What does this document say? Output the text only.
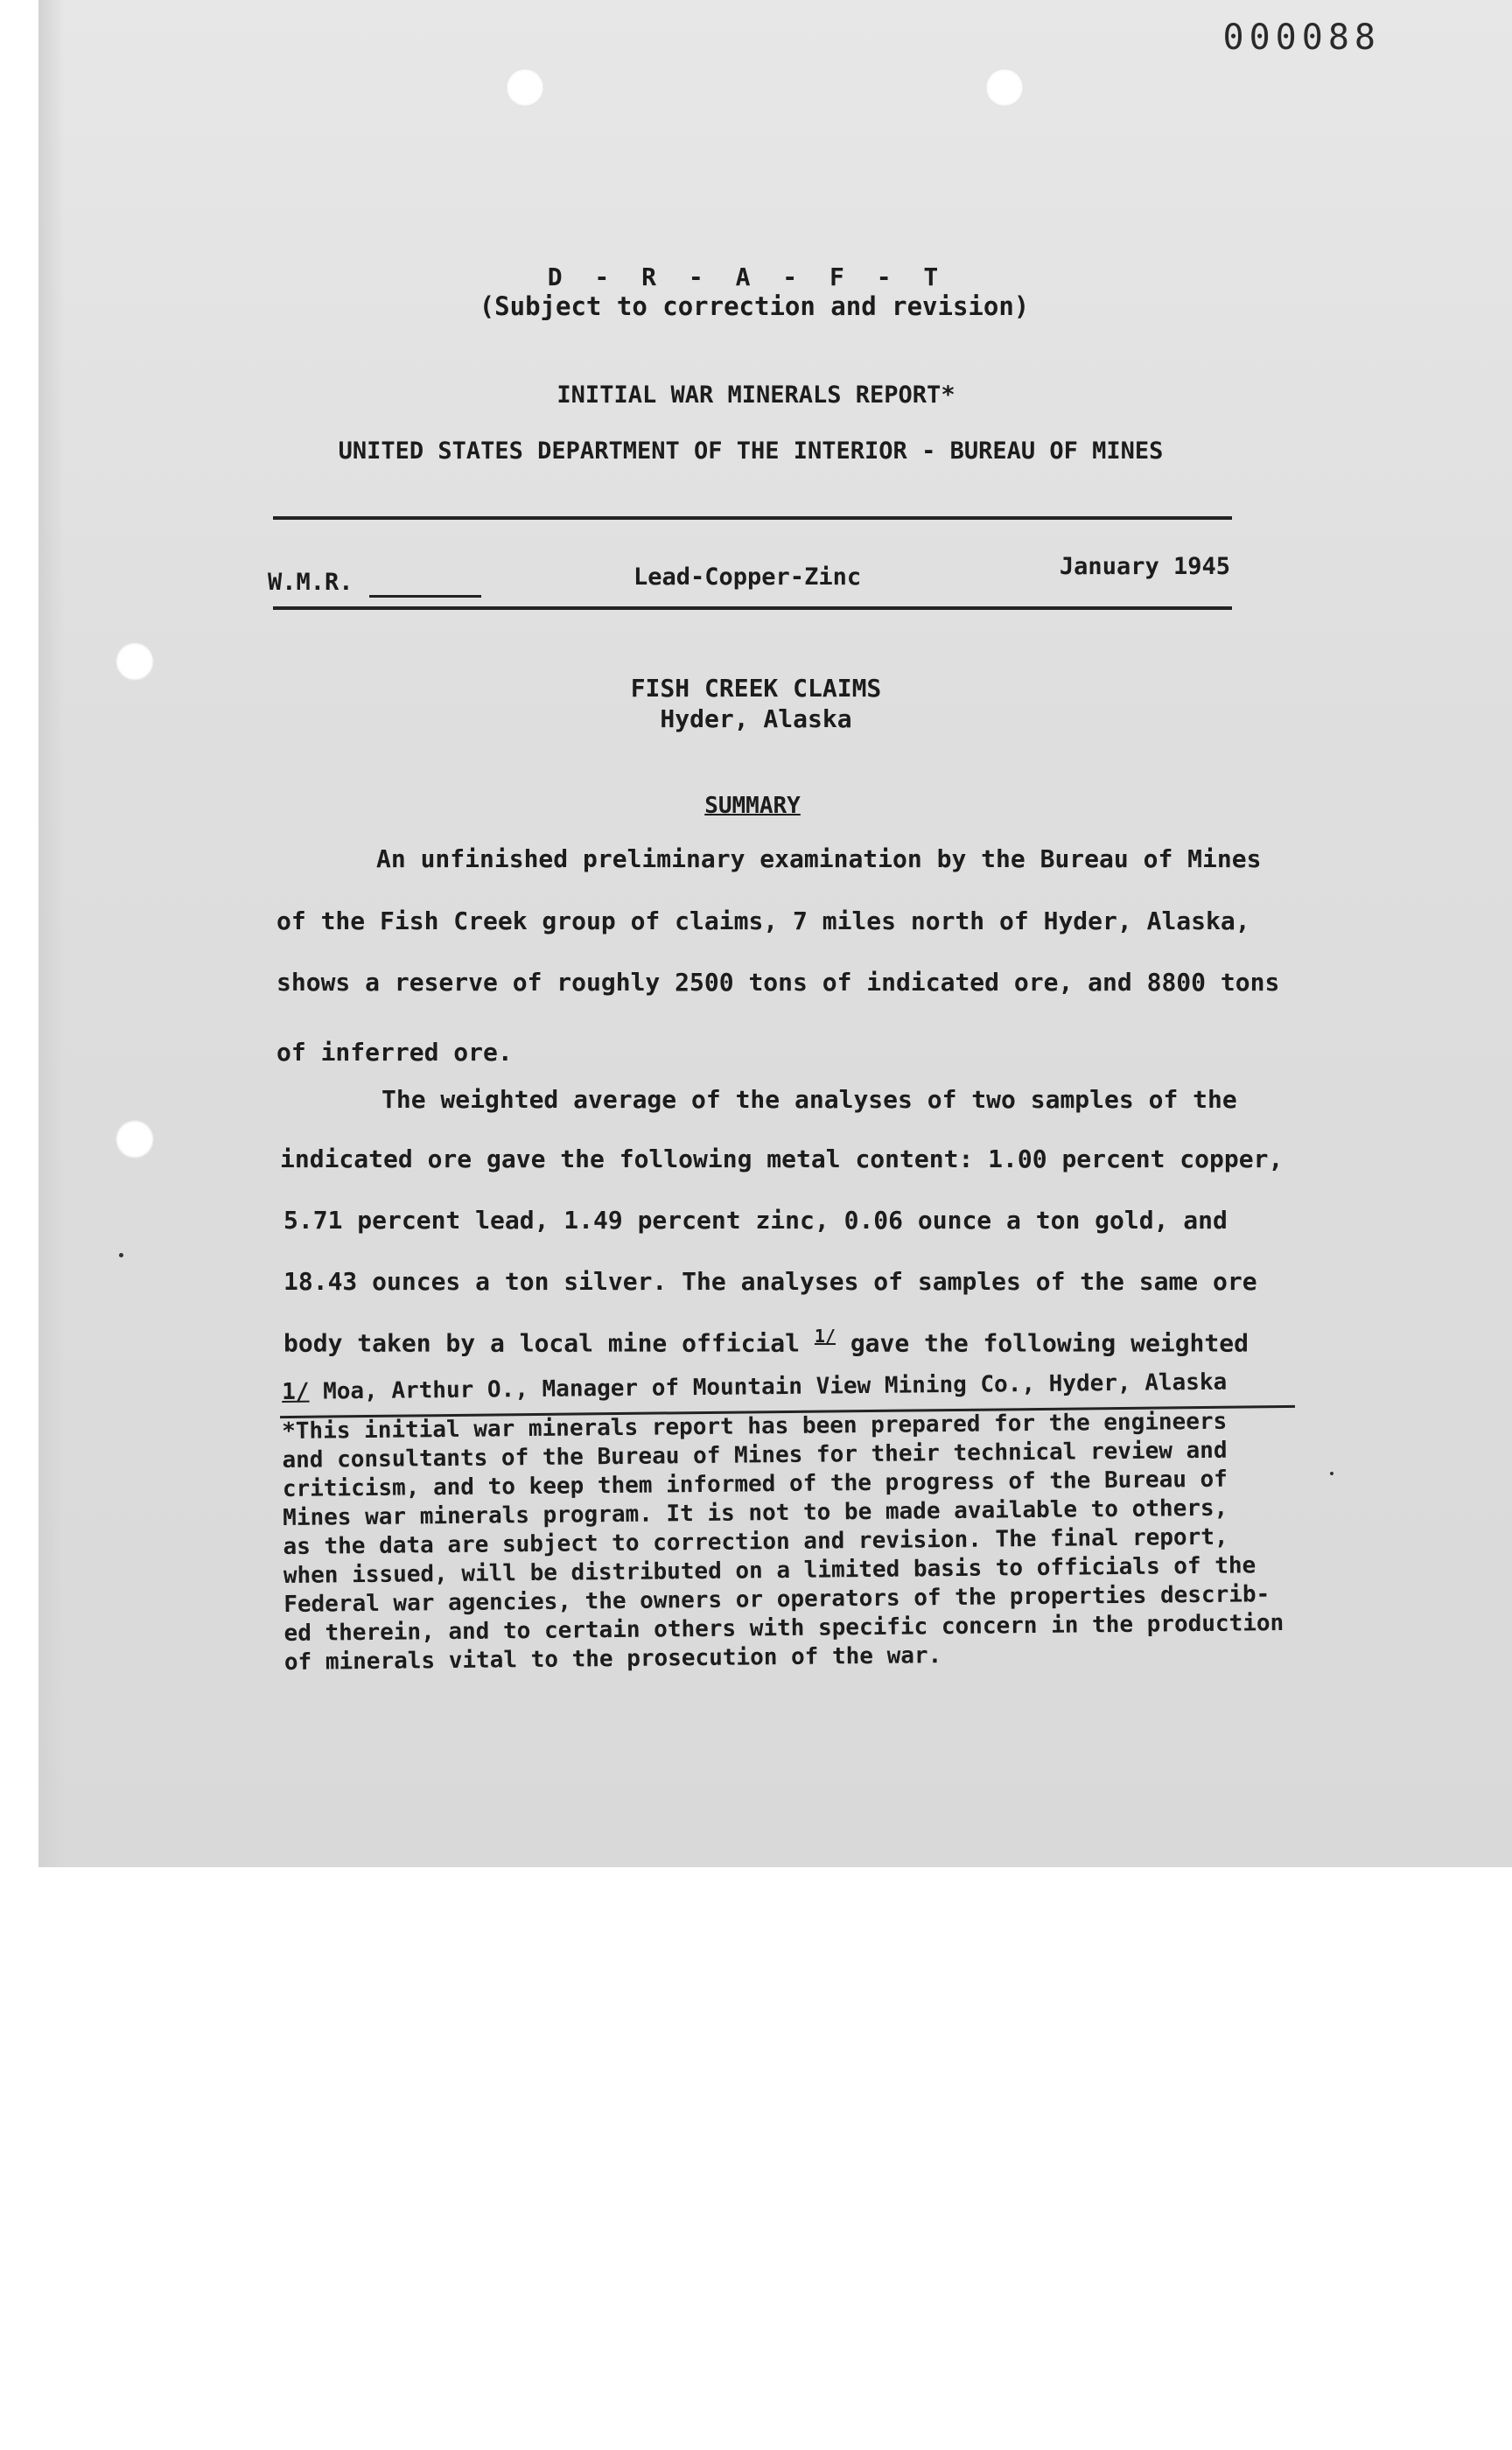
000088
D - R - A - F - T
(Subject to correction and revision)
INITIAL WAR MINERALS REPORT*
UNITED STATES DEPARTMENT OF THE INTERIOR - BUREAU OF MINES
W.M.R.	Lead-Copper-Zinc	January 1945
FISH CREEK CLAIMS
Hyder, Alaska
SUMMARY
An unfinished preliminary examination by the Bureau of Mines
of the Fish Creek group of claims, 7 miles north of Hyder, Alaska,
shows a reserve of roughly 2500 tons of indicated ore, and 8800 tons
of inferred ore.
The weighted average of the analyses of two samples of the
indicated ore gave the following metal content: 1.00 percent copper,
5.71 percent lead, 1.49 percent zinc, 0.06 ounce a ton gold, and
18.43 ounces a ton silver. The analyses of samples of the same ore
body taken by a local mine official $^{1/}$ gave the following weighted
1/ Moa, Arthur O., Manager of Mountain View Mining Co., Hyder, Alaska
*This initial war minerals report has been prepared for the engineers
and consultants of the Bureau of Mines for their technical review and
criticism, and to keep them informed of the progress of the Bureau of
Mines war minerals program. It is not to be made available to others,
as the data are subject to correction and revision. The final report,
when issued, will be distributed on a limited basis to officials of the
Federal war agencies, the owners or operators of the properties describ-
ed therein, and to certain others with specific concern in the production
of minerals vital to the prosecution of the war.
